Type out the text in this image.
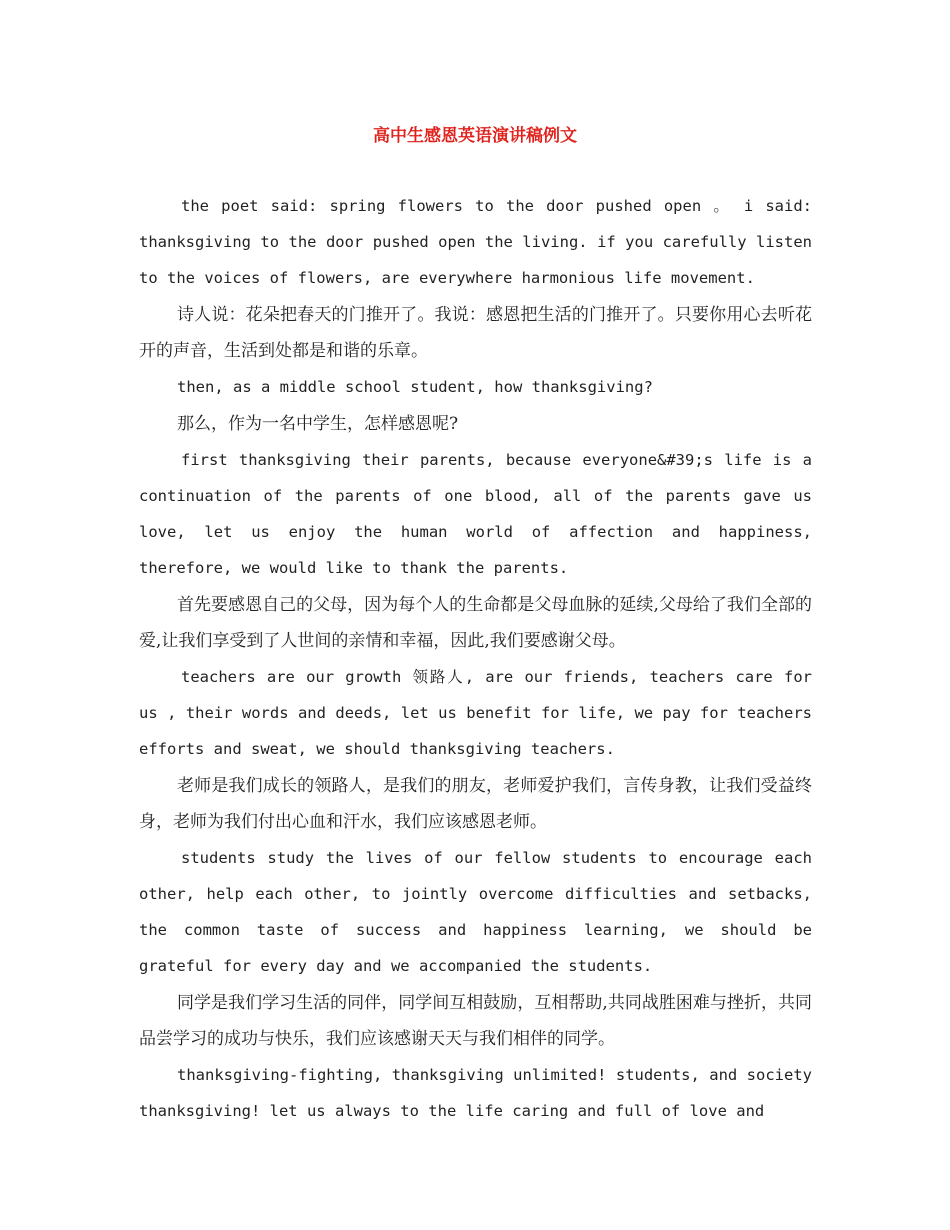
高中生感恩英语演讲稿例文

the poet said: spring flowers to the door pushed open 。 i said: thanksgiving to the door pushed open the living. if you carefully listen to the voices of flowers, are everywhere harmonious life movement.

诗人说：花朵把春天的门推开了。我说：感恩把生活的门推开了。只要你用心去听花开的声音，生活到处都是和谐的乐章。

then, as a middle school student, how thanksgiving?

那么，作为一名中学生，怎样感恩呢?

first thanksgiving their parents, because everyone&#39;s life is a continuation of the parents of one blood, all of the parents gave us love, let us enjoy the human world of affection and happiness, therefore, we would like to thank the parents.

首先要感恩自己的父母，因为每个人的生命都是父母血脉的延续,父母给了我们全部的爱,让我们享受到了人世间的亲情和幸福，因此,我们要感谢父母。

teachers are our growth 领路人, are our friends, teachers care for us , their words and deeds, let us benefit for life, we pay for teachers efforts and sweat, we should thanksgiving teachers.

老师是我们成长的领路人，是我们的朋友，老师爱护我们，言传身教，让我们受益终身，老师为我们付出心血和汗水，我们应该感恩老师。

students study the lives of our fellow students to encourage each other, help each other, to jointly overcome difficulties and setbacks, the common taste of success and happiness learning, we should be grateful for every day and we accompanied the students.

同学是我们学习生活的同伴，同学间互相鼓励，互相帮助,共同战胜困难与挫折，共同品尝学习的成功与快乐，我们应该感谢天天与我们相伴的同学。

thanksgiving-fighting, thanksgiving unlimited! students, and society thanksgiving! let us always to the life caring and full of love and
